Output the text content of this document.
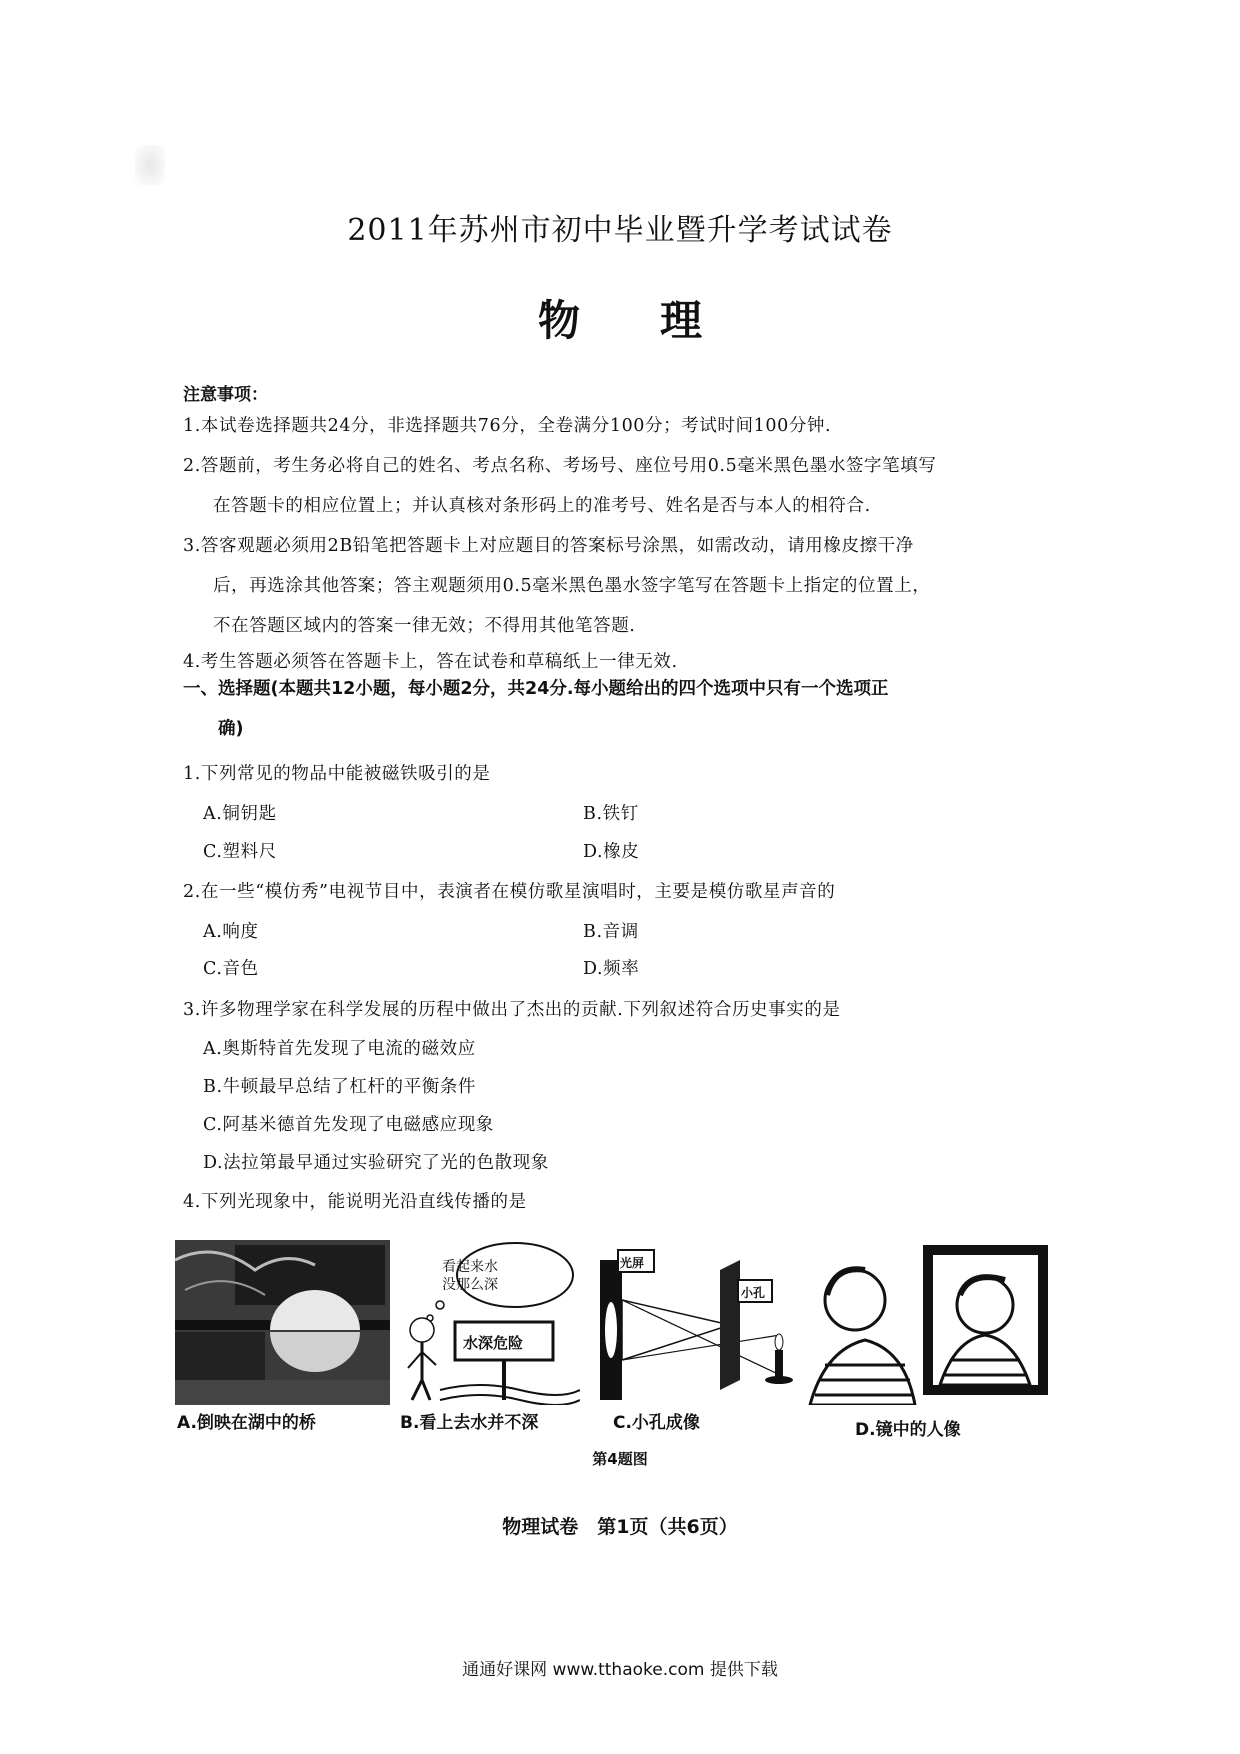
2011年苏州市初中毕业暨升学考试试卷
物理
注意事项：
1.本试卷选择题共24分，非选择题共76分，全卷满分100分；考试时间100分钟.
2.答题前，考生务必将自己的姓名、考点名称、考场号、座位号用0.5毫米黑色墨水签字笔填写
在答题卡的相应位置上；并认真核对条形码上的准考号、姓名是否与本人的相符合.
3.答客观题必须用2B铅笔把答题卡上对应题目的答案标号涂黑，如需改动，请用橡皮擦干净
后，再选涂其他答案；答主观题须用0.5毫米黑色墨水签字笔写在答题卡上指定的位置上，
不在答题区域内的答案一律无效；不得用其他笔答题.
4.考生答题必须答在答题卡上，答在试卷和草稿纸上一律无效.
一、选择题(本题共12小题，每小题2分，共24分.每小题给出的四个选项中只有一个选项正
确)
1.下列常见的物品中能被磁铁吸引的是
A.铜钥匙	B.铁钉
C.塑料尺	D.橡皮
2.在一些“模仿秀”电视节目中，表演者在模仿歌星演唱时，主要是模仿歌星声音的
A.响度	B.音调
C.音色	D.频率
3.许多物理学家在科学发展的历程中做出了杰出的贡献.下列叙述符合历史事实的是
A.奥斯特首先发现了电流的磁效应
B.牛顿最早总结了杠杆的平衡条件
C.阿基米德首先发现了电磁感应现象
D.法拉第最早通过实验研究了光的色散现象
4.下列光现象中，能说明光沿直线传播的是
看起来水
没那么深
水深危险
光屏
小孔
A.倒映在湖中的桥	B.看上去水并不深	C.小孔成像	D.镜中的人像
第4题图
物理试卷　第1页（共6页）
通通好课网 www.tthaoke.com 提供下载
